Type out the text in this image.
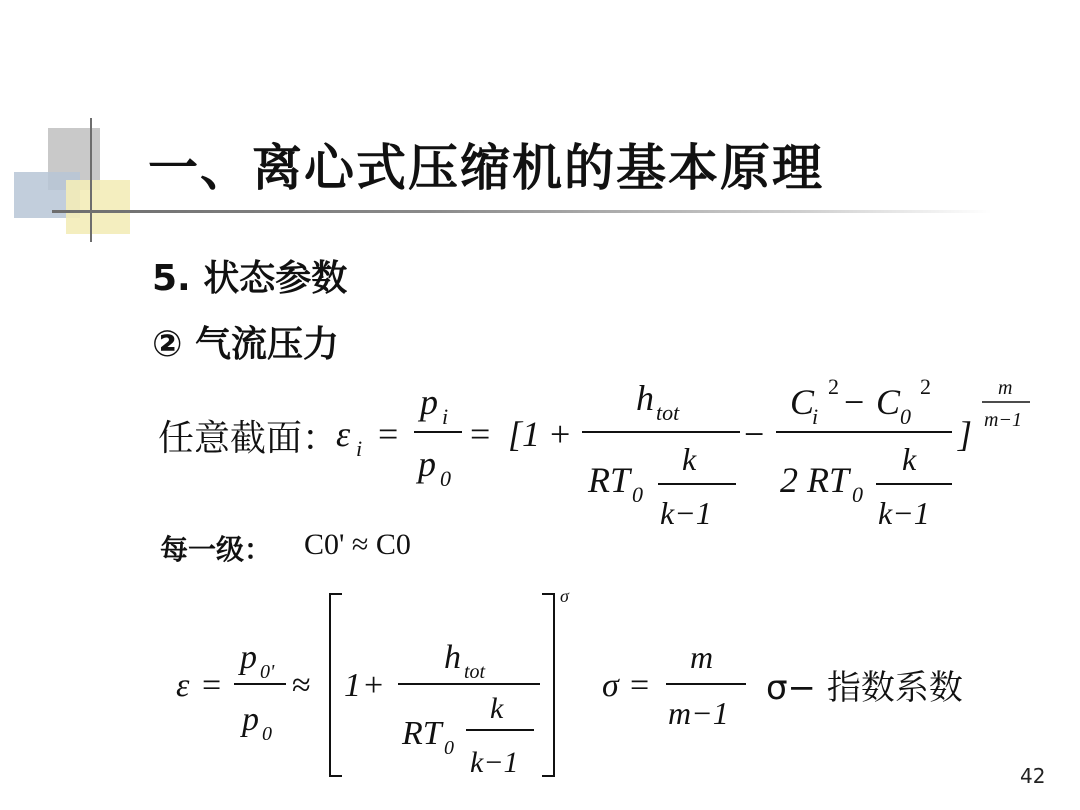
一、离心式压缩机的基本原理
5. 状态参数
② 气流压力
任意截面：
ε i =
p i
p 0
= [1 +
h tot
RT 0
k
k−1
−
C
i
2 − C 0
2
2 RT 0
k
k−1
]
m
m−1
ε =
p 0'
p 0
≈ 1 +
h tot
RT 0
k
k−1
σ
σ =
m
m−1
每一级： C0' ≈ C0
σ− 指数系数
42
